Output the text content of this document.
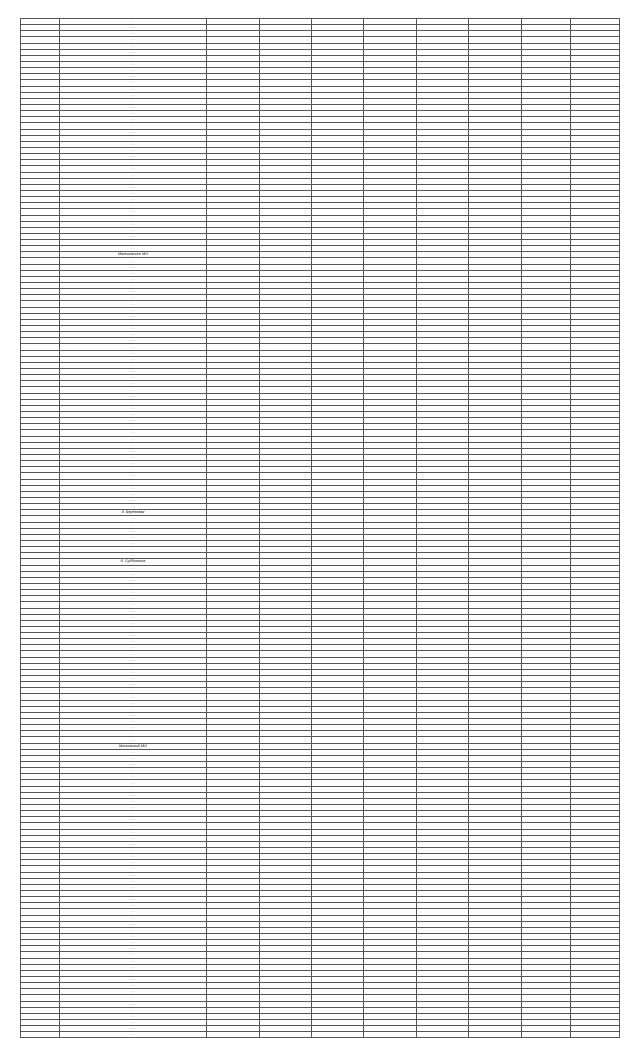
	…								
	…								
	…								
	…								
	…								
	…								
	…								
	…								
	…								
	…								
	…								
	…								
	…								
	…								
	…								
	…								
	…								
	…								
	…								
	…								
	…								
	…								
	…								
	…								
	…								
	…								
	…								
	…								
	…								
	…								
	…								
	…								
	…								
	…								
	…								
	…								
	…								
	…								
	Мальковское МО								
	…								
	…								
	…								
	…								
	…								
	…								
	…								
	…								
	…								
	…								
	…								
	…								
	…								
	…								
	…								
	…								
	…								
	…								
	…								
	…								
	…								
	…								
	…								
	…								
	…								
	…								
	…								
	…								
	…								
	…								
	…								
	…								
	…								
	…								
	…								
	…								
	…								
	…								
	…								
	…								
	…								
	д. Берёзовая								
	…								
	…								
	…								
	…								
	…								
	…								
	…								
	д. Субботина								
	…								
	…								
	…								
	…								
	…								
	…								
	…								
	…								
	…								
	…								
	…								
	…								
	…								
	…								
	…								
	…								
	…								
	…								
	…								
	…								
	…								
	…								
	…								
	…								
	…								
	…								
	…								
	…								
	…								
	Московский МО								
	…								
	…								
	…								
	…								
	…								
	…								
	…								
	…								
	…								
	…								
	…								
	…								
	…								
	…								
	…								
	…								
	…								
	…								
	…								
	…								
	…								
	…								
	…								
	…								
	…								
	…								
	…								
	…								
	…								
	…								
	…								
	…								
	…								
	…								
	…								
	…								
	…								
	…								
	…								
	…								
	…								
	…								
	…								
	…								
	…								
	…								
	…								
